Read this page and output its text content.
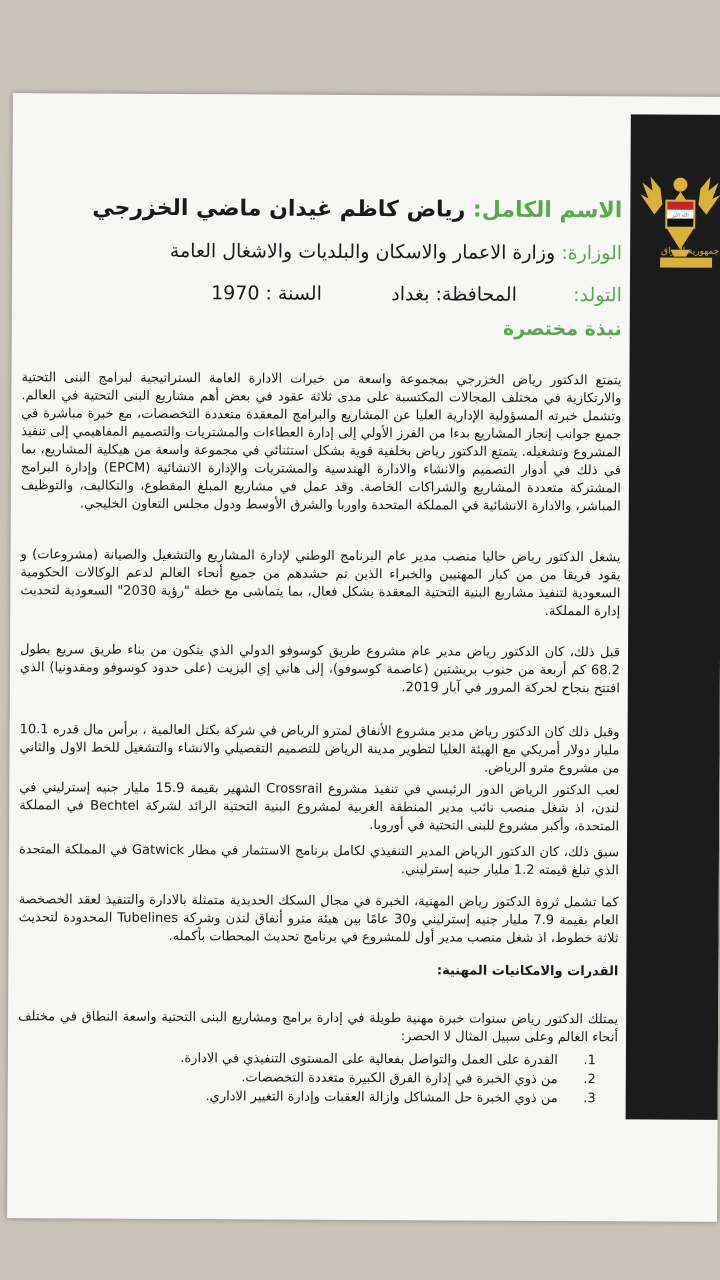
الله اكبر
جمهورية العراق
الاسم الكامل: رياض كاظم غيدان ماضي الخزرجي
الوزارة: وزارة الاعمار والاسكان والبلديات والاشغال العامة
التولد:
المحافظة: بغداد
السنة : 1970
نبذة مختصرة

يتمتع الدكتور رياض الخزرجي بمجموعة واسعة من خبرات الادارة العامة الستراتيجية لبرامج البنى التحتية والارتكازية في مختلف المجالات المكتسبة على مدى ثلاثة عقود في بعض أهم مشاريع البنى التحتية في العالم. وتشمل خبرته المسؤولية الإدارية العليا عن المشاريع والبرامج المعقدة متعددة التخصصات، مع خبرة مباشرة في جميع جوانب إنجاز المشاريع بدءا من الفرز الأولي إلى إدارة العطاءات والمشتريات والتصميم المفاهيمي إلى تنفيذ المشروع وتشغيله. يتمتع الدكتور رياض بخلفية قوية بشكل استثنائي في مجموعة واسعة من هيكلية المشاريع، بما في ذلك في أدوار التصميم والانشاء والادارة الهندسية والمشتريات والإدارة الانشائية (EPCM) وإدارة البرامج المشتركة متعددة المشاريع والشراكات الخاصة. وقد عمل في مشاريع المبلغ المقطوع، والتكاليف، والتوظيف المباشر، والادارة الانشائية في المملكة المتحدة واوربا والشرق الأوسط ودول مجلس التعاون الخليجي.

يشغل الدكتور رياض حاليا منصب مدير عام البرنامج الوطني لإدارة المشاريع والتشغيل والصيانة (مشروعات) و يقود فريقا من من كبار المهنيين والخبراء الذين تم حشدهم من جميع أنحاء العالم لدعم الوكالات الحكومية السعودية لتنفيذ مشاريع البنية التحتية المعقدة بشكل فعال، بما يتماشى مع خطة "رؤية 2030" السعودية لتحديث إدارة المملكة.

قبل ذلك، كان الدكتور رياض مدير عام مشروع طريق كوسوفو الدولي الذي يتكون من بناء طريق سريع بطول 68.2 كم أربعة من جنوب بريشتين (عاصمة كوسوفو)، إلى هاني إي اليزيت (على حدود كوسوفو ومقدونيا) الذي افتتح بنجاح لحركة المرور في آيار 2019.

وقبل ذلك كان الدكتور رياض مدير مشروع الأنفاق لمترو الرياض في شركة بكتل العالمية ، برأس مال قدره 10.1 مليار دولار أمريكي مع الهيئة العليا لتطوير مدينة الرياض للتصميم التفصيلي والانشاء والتشغيل للخط الاول والثاني من مشروع مترو الرياض.

لعب الدكتور الرياض الدور الرئيسي في تنفيذ مشروع Crossrail الشهير بقيمة 15.9 مليار جنيه إسترليني في لندن، اذ شغل منصب نائب مدير المنطقة الغربية لمشروع البنية التحتية الرائد لشركة Bechtel في المملكة المتحدة، وأكبر مشروع للبنى التحتية في أوروبا.

سبق ذلك، كان الدكتور الرياض المدير التنفيذي لكامل برنامج الاستثمار في مطار Gatwick في المملكة المتحدة الذي تبلغ قيمته 1.2 مليار جنيه إسترليني.

كما تشمل ثروة الدكتور رياض المهنية، الخبرة في مجال السكك الحديدية متمثلة بالادارة والتنفيذ لعقد الخصخصة العام بقيمة 7.9 مليار جنيه إسترليني و30 عامًا بين هيئة مترو أنفاق لندن وشركة Tubelines المحدودة لتحديث ثلاثة خطوط، اذ شغل منصب مدير أول للمشروع في برنامج تحديث المحطات بأكمله.

القدرات والامكانيات المهنية:

يمتلك الدكتور رياض سنوات خبرة مهنية طويلة في إدارة برامج ومشاريع البنى التحتية واسعة النطاق في مختلف أنحاء العالم وعلى سبيل المثال لا الحصر:

1.
القدرة على العمل والتواصل بفعالية على المستوى التنفيذي في الادارة.
2.
من ذوي الخبرة في إدارة الفرق الكبيرة متعددة التخصصات.
3.
من ذوي الخبرة حل المشاكل وازالة العقبات وإدارة التغيير الاداري.
